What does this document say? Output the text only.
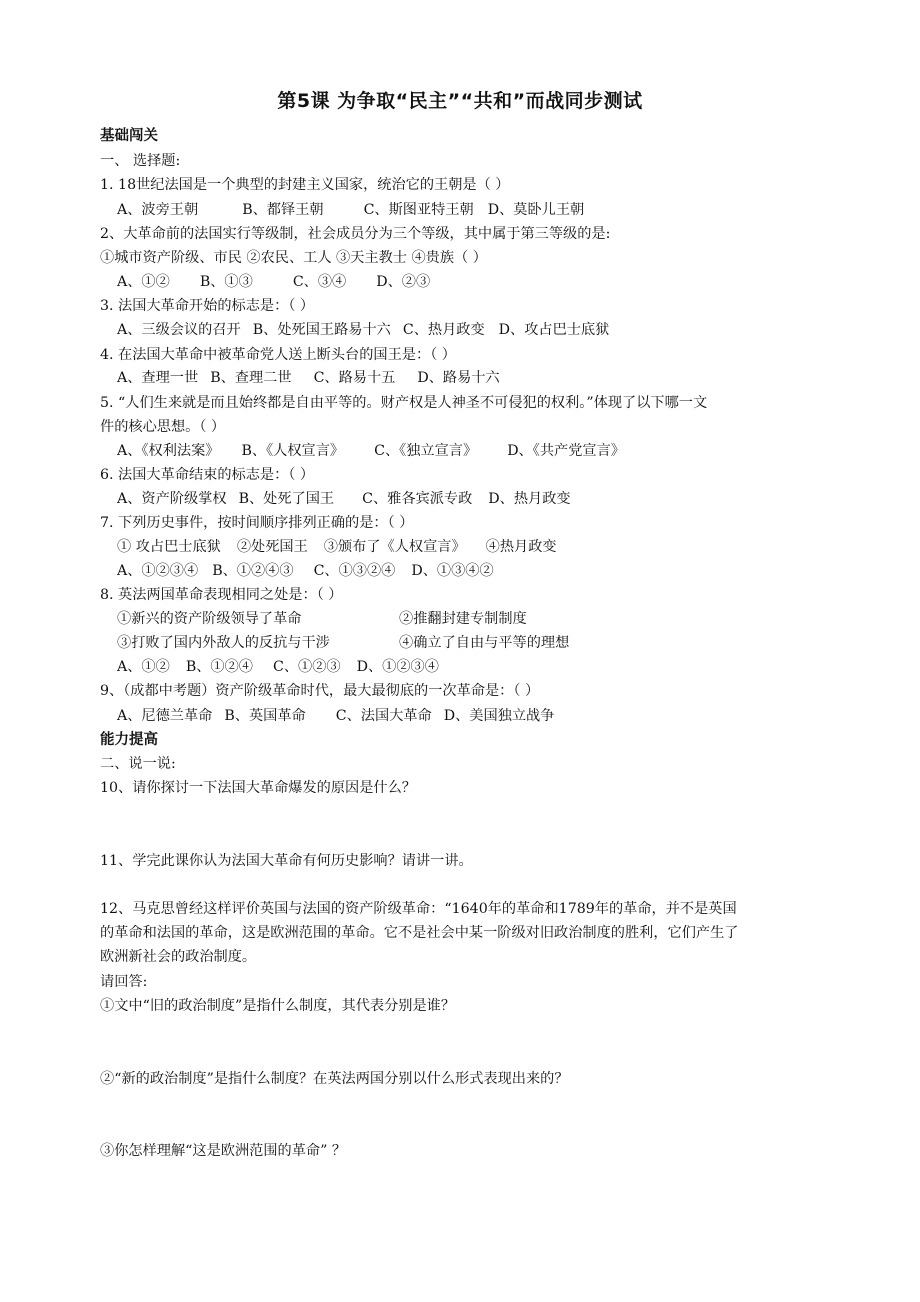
第5课 为争取“民主”“共和”而战同步测试
基础闯关
一、 选择题:
1. 18世纪法国是一个典型的封建主义国家，统治它的王朝是（ ）
A、波旁王朝	B、都铎王朝	C、斯图亚特王朝 D、莫卧儿王朝
2、大革命前的法国实行等级制，社会成员分为三个等级，其中属于第三等级的是:
①城市资产阶级、市民 ②农民、工人 ③天主教士 ④贵族（ ）
A、①② B、①③	C、③④ D、②③
3. 法国大革命开始的标志是：（ ）
A、三级会议的召开 B、处死国王路易十六 C、热月政变 D、攻占巴士底狱
4. 在法国大革命中被革命党人送上断头台的国王是：（ ）
A、查理一世 B、查理二世 C、路易十五 D、路易十六
5. “人们生来就是而且始终都是自由平等的。财产权是人神圣不可侵犯的权利。”体现了以下哪一文
件的核心思想。（ ）
A、《权利法案》 B、《人权宣言》 C、《独立宣言》 D、《共产党宣言》
6. 法国大革命结束的标志是：（ ）
A、资产阶级掌权 B、处死了国王 C、雅各宾派专政 D、热月政变
7. 下列历史事件，按时间顺序排列正确的是：（ ）
① 攻占巴士底狱 ②处死国王 ③颁布了《人权宣言》 ④热月政变
A、①②③④ B、①②④③ C、①③②④ D、①③④②
8. 英法两国革命表现相同之处是：（ ）
①新兴的资产阶级领导了革命	②推翻封建专制制度
③打败了国内外敌人的反抗与干涉	④确立了自由与平等的理想
A、①② B、①②④ C、①②③ D、①②③④
9、（成都中考题）资产阶级革命时代，最大最彻底的一次革命是：（ ）
A、尼德兰革命 B、英国革命 C、法国大革命 D、美国独立战争
能力提高
二、说一说:
10、请你探讨一下法国大革命爆发的原因是什么？
11、学完此课你认为法国大革命有何历史影响？请讲一讲。
12、马克思曾经这样评价英国与法国的资产阶级革命：“1640年的革命和1789年的革命，并不是英国
的革命和法国的革命，这是欧洲范围的革命。它不是社会中某一阶级对旧政治制度的胜利，它们产生了
欧洲新社会的政治制度。
请回答:
①文中“旧的政治制度”是指什么制度，其代表分别是谁？
②“新的政治制度”是指什么制度？在英法两国分别以什么形式表现出来的？
③你怎样理解“这是欧洲范围的革命” ？
